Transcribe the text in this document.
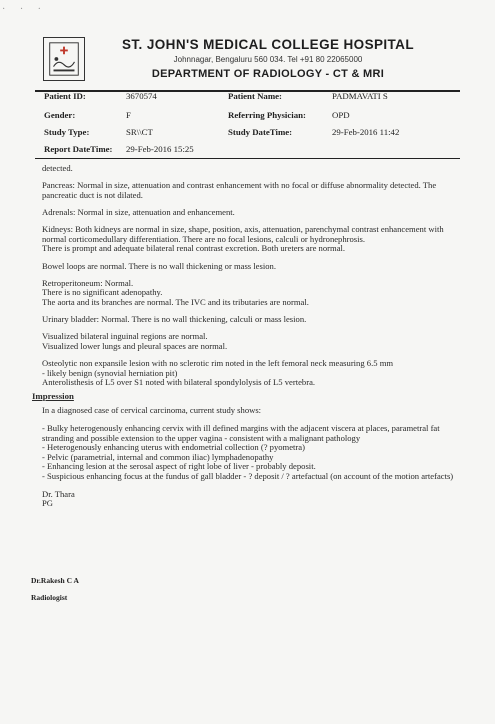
· · ·
ST. JOHN'S MEDICAL COLLEGE HOSPITAL
Johnnagar, Bengaluru 560 034. Tel +91 80 22065000
DEPARTMENT OF RADIOLOGY - CT & MRI
Patient ID:	3670574	Patient Name:	PADMAVATI S
Gender:	F	Referring Physician:	OPD
Study Type:	SR\\CT	Study DateTime:	29-Feb-2016 11:42
Report DateTime: 29-Feb-2016 15:25

detected.

Pancreas: Normal in size, attenuation and contrast enhancement with no focal or diffuse abnormality detected. The pancreatic duct is not dilated.

Adrenals: Normal in size, attenuation and enhancement.

Kidneys: Both kidneys are normal in size, shape, position, axis, attenuation, parenchymal contrast enhancement with normal corticomedullary differentiation. There are no focal lesions, calculi or hydronephrosis.
There is prompt and adequate bilateral renal contrast excretion. Both ureters are normal.

Bowel loops are normal. There is no wall thickening or mass lesion.

Retroperitoneum: Normal.
There is no significant adenopathy.
The aorta and its branches are normal. The IVC and its tributaries are normal.

Urinary bladder: Normal. There is no wall thickening, calculi or mass lesion.

Visualized bilateral inguinal regions are normal.
Visualized lower lungs and pleural spaces are normal.

Osteolytic non expansile lesion with no sclerotic rim noted in the left femoral neck measuring 6.5 mm
- likely benign (synovial herniation pit)
Anterolisthesis of L5 over S1 noted with bilateral spondylolysis of L5 vertebra.

Impression

In a diagnosed case of cervical carcinoma, current study shows:

- Bulky heterogenously enhancing cervix with ill defined margins with the adjacent viscera at places, parametral fat stranding and possible extension to the upper vagina - consistent with a malignant pathology
- Heterogenously enhancing uterus with endometrial collection (? pyometra)
- Pelvic (parametrial, internal and common iliac) lymphadenopathy
- Enhancing lesion at the serosal aspect of right lobe of liver - probably deposit.
- Suspicious enhancing focus at the fundus of gall bladder - ? deposit / ? artefactual (on account of the motion artefacts)

Dr. Thara
PG

Dr.Rakesh C A
Radiologist
